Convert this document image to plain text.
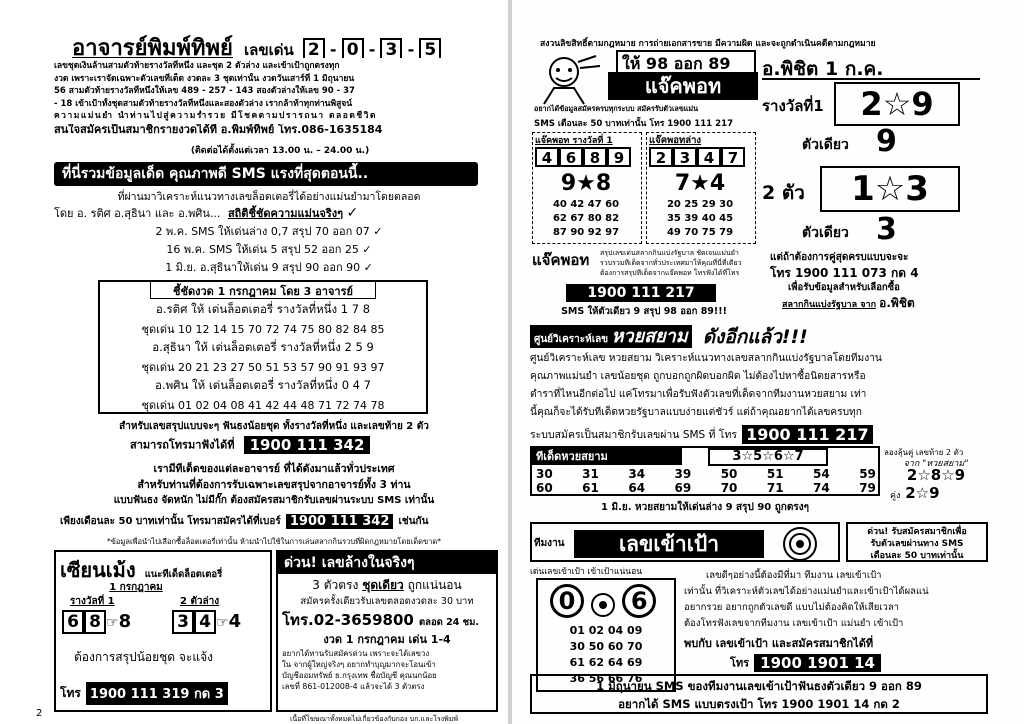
อาจารย์พิมพ์ทิพย์ เลขเด่น 2 - 0 - 3 - 5
เลขชุดเงินล้านสามตัวท้ายรางวัลที่หนึ่ง และชุด 2 ตัวล่าง และเข้าเป้าถูกตรงทุก
งวด เพราะเราจัดเฉพาะตัวเลขที่เด็ด งวดละ 3 ชุดเท่านั้น งวดวันเสาร์ที่ 1 มิถุนายน
56 สามตัวท้ายรางวัลที่หนึ่งให้เลข 489 - 257 - 143 สองตัวล่างให้เลข 90 - 37
- 18 เข้าเป้าทั้งชุดสามตัวท้ายรางวัลที่หนึ่งและสองตัวล่าง เรากล้าท้าทุกท่านพิสูจน์
ความแม่นยำ นำท่านไปสู่ความร่ำรวย มีโชคตามปรารถนา ตลอดชีวิต
สนใจสมัครเป็นสมาชิกรายงวดได้ที่ อ.พิมพ์ทิพย์ โทร.086-1635184
(ติดต่อได้ตั้งแต่เวลา 13.00 น. – 24.00 น.)
ที่นี่รวมข้อมูลเด็ด คุณภาพดี SMS แรงที่สุดตอนนี้..
ที่ผ่านมาวิเคราะห์แนวทางเลขล็อตเตอรี่ได้อย่างแม่นยำมาโดยตลอด
โดย อ. รติศ อ.สุธินา และ อ.พศิน... สถิติชี้ชัดความแม่นจริงๆ ✓
2 พ.ค. SMS ให้เด่นล่าง 0,7 สรุป 70 ออก 07 ✓
16 พ.ค. SMS ให้เด่น 5 สรุป 52 ออก 25 ✓
1 มิ.ย. อ.สุธินาให้เด่น 9 สรุป 90 ออก 90 ✓
ชี้ชัดงวด 1 กรกฎาคม โดย 3 อาจารย์
อ.รติศ ให้ เด่นล็อตเตอรี่ รางวัลที่หนึ่ง 1 7 8
ชุดเด่น 10 12 14 15 70 72 74 75 80 82 84 85
อ.สุธินา ให้ เด่นล็อตเตอรี่ รางวัลที่หนึ่ง 2 5 9
ชุดเด่น 20 21 23 27 50 51 53 57 90 91 93 97
อ.พศิน ให้ เด่นล็อตเตอรี่ รางวัลที่หนึ่ง 0 4 7
ชุดเด่น 01 02 04 08 41 42 44 48 71 72 74 78
สำหรับเลขสรุปแบบจะๆ ฟันธงน้อยชุด ทั้งรางวัลที่หนึ่ง และเลขท้าย 2 ตัว
สามารถโทรมาฟังได้ที่ 1900 111 342
เรามีทีเด็ดของแต่ละอาจารย์ ที่ได้ดังมาแล้วทั่วประเทศ
สำหรับท่านที่ต้องการรับเฉพาะเลขสรุปจากอาจารย์ทั้ง 3 ท่าน
แบบฟันธง จัดหนัก ไม่มีกั๊ก ต้องสมัครสมาชิกรับเลขผ่านระบบ SMS เท่านั้น
เพียงเดือนละ 50 บาทเท่านั้น โทรมาสมัครได้ที่เบอร์ 1900 111 342 เช่นกัน
*ข้อมูลเพื่อนำไปเลือกซื้อล็อตเตอรี่เท่านั้น ห้ามนำไปใช้ในการเล่นสลากกินรวบที่ผิดกฎหมายโดยเด็ดขาด*
เซียนเม้ง แนะทีเด็ดล็อตเตอรี่
1 กรกฎาคม
รางวัลที่ 1	2 ตัวล่าง
6 8 ☞8	3 4 ☞4
ต้องการสรุปน้อยชุด จะแจ้ง
โทร 1900 111 319 กด 3
ด่วน! เลขล้างในจริงๆ
3 ตัวตรง ชุดเดียว ถูกแน่นอน
สมัครครั้งเดียวรับเลขตลอดงวดละ 30 บาท
โทร.02-3659800 ตลอด 24 ชม.
งวด 1 กรกฎาคม เด่น 1-4
อยากได้ทานรับสมัครด่วน เพราะจะได้เลขวง
ใน จากผู้ใหญ่จริงๆ อยากทำบุญมากจะโอนเข้า
บัญชีออมทรัพย์ ธ.กรุงเทพ ชื่อบัญชี คุณนกน้อย
เลขที่ 861-012008-4 แล้วจะได้ 3 ตัวตรง
2	เนื้อที่โฆษณาทั้งหมดไม่เกี่ยวข้องกับกอง บก.และโรงพิมพ์
สงวนลิขสิทธิ์ตามกฎหมาย การถ่ายเอกสารขาย มีความผิด และจะถูกดำเนินคดีตามกฎหมาย
ให้ 98 ออก 89
แจ๊คพอท
อยากได้ข้อมูลสมัครครบทุกระบบ สมัครรับตัวเลขแม่น
SMS เดือนละ 50 บาทเท่านั้น โทร 1900 111 217
แจ๊คพอท รางวัลที่ 1
4 6 8 9
9★8
40 42 47 60
62 67 80 82
87 90 92 97
แจ๊คพอทล่าง
2 3 4 7
7★4
20 25 29 30
35 39 40 45
49 70 75 79
แจ๊คพอท	สรุปเลขเด่นสลากกินแบ่งรัฐบาล ชัดเจนแม่นยำ รวบรวมทีเด็ดจากทั่วประเทศมาให้คุณที่นี่ที่เดียว ต้องการสรุปทีเด็ดจากแจ๊คพอท โทรฟังได้ที่โทร
1900 111 217
SMS ให้ตัวเดียว 9 สรุป 98 ออก 89!!!
อ.พิชิต 1 ก.ค.
รางวัลที่1	2☆9
ตัวเดียว 9
2 ตัว	1☆3
ตัวเดียว 3
แต่ถ้าต้องการคู่สุดครบแบบจะจะ
โทร 1900 111 073 กด 4
เพื่อรับข้อมูลสำหรับเลือกซื้อ
สลากกินแบ่งรัฐบาล จาก อ.พิชิต
ศูนย์วิเคราะห์เลข หวยสยาม ดังอีกแล้ว!!!
ศูนย์วิเคราะห์เลข หวยสยาม วิเคราะห์แนวทางเลขสลากกินแบ่งรัฐบาลโดยทีมงาน
คุณภาพแม่นยำ เลขน้อยชุด ถูกบอกถูกผิดบอกผิด ไม่ต้องไปหาซื้อนิตยสารหรือ
ตำราที่ไหนอีกต่อไป แค่โทรมาเพื่อรับฟังตัวเลขที่เด็ดจากทีมงานหวยสยาม เท่า
นี้คุณก็จะได้รับทีเด็ดหวยรัฐบาลแบบง่ายแต่ชัวร์ แต่ถ้าคุณอยากได้เลขครบทุก
ระบบสมัครเป็นสมาชิกรับเลขผ่าน SMS ที่ โทร 1900 111 217
ทีเด็ดหวยสยาม	3☆5☆6☆7
30 31 34 39 50 51 54 59
60 61 64 69 70 71 74 79
ลองลุ้นคู่ เลขท้าย 2 ตัว
จาก "หวยสยาม"
2☆8☆9
คู่ง 2☆9
1 มิ.ย. หวยสยามให้เด่นล่าง 9 สรุป 90 ถูกตรงๆ
ทีมงาน	เลขเข้าเป้า	ด่วน! รับสมัครสมาชิกเพื่อ
รับตัวเลขผ่านทาง SMS
เดือนละ 50 บาทเท่านั้น
เด่นเลขเข้าเป้า เข้าเป้าแน่นอน
0 6
01 02 04 09
30 50 60 70
61 62 64 69
36 56 66 76
เลขดีๆอย่างนี้ต้องมีที่มา ทีมงาน เลขเข้าเป้า
เท่านั้น ที่วิเคราะห์ตัวเลขได้อย่างแม่นยำและเข้าเป้าได้ผลแน่
อยากรวย อยากถูกตัวเลขดี แบบไม่ต้องคิดให้เสียเวลา
ต้องโทรฟังเลขจากทีมงาน เลขเข้าเป้า แม่นยำ เข้าเป้า
พบกับ เลขเข้าเป้า และสมัครสมาชิกได้ที่
โทร 1900 1901 14
1 มิถุนายน SMS ของทีมงานเลขเข้าเป้าฟันธงตัวเดียว 9 ออก 89
อยากได้ SMS แบบตรงเป้า โทร 1900 1901 14 กด 2
